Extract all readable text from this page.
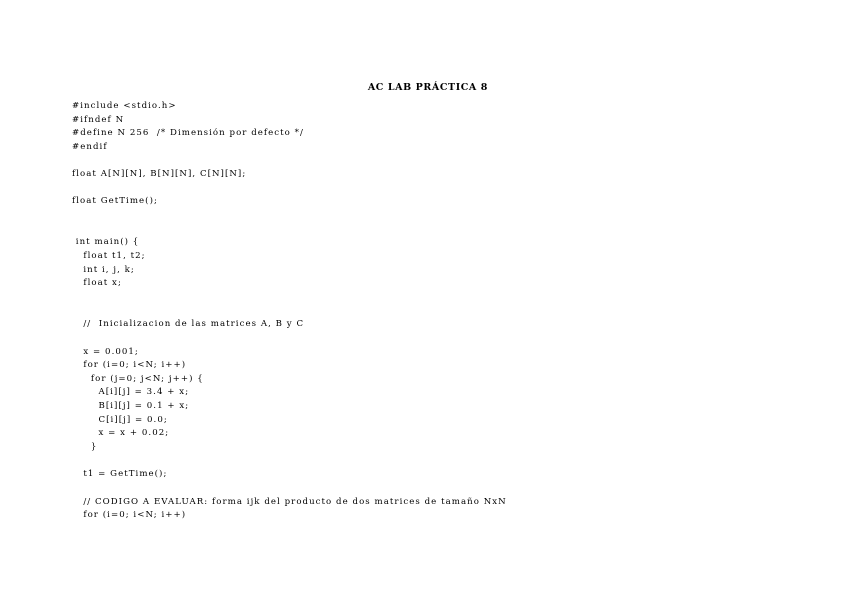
AC LAB PRÁCTICA 8

#include <stdio.h>
#ifndef N
#define N 256  /* Dimensión por defecto */
#endif
float A[N][N], B[N][N], C[N][N];
float GetTime();
int main() {
float t1, t2;
int i, j, k;
float x;
//  Inicializacion de las matrices A, B y C
x = 0.001;
for (i=0; i<N; i++)
for (j=0; j<N; j++) {
A[i][j] = 3.4 + x;
B[i][j] = 0.1 + x;
C[i][j] = 0.0;
x = x + 0.02;
}
t1 = GetTime();
// CODIGO A EVALUAR: forma ijk del producto de dos matrices de tamaño NxN
for (i=0; i<N; i++)
